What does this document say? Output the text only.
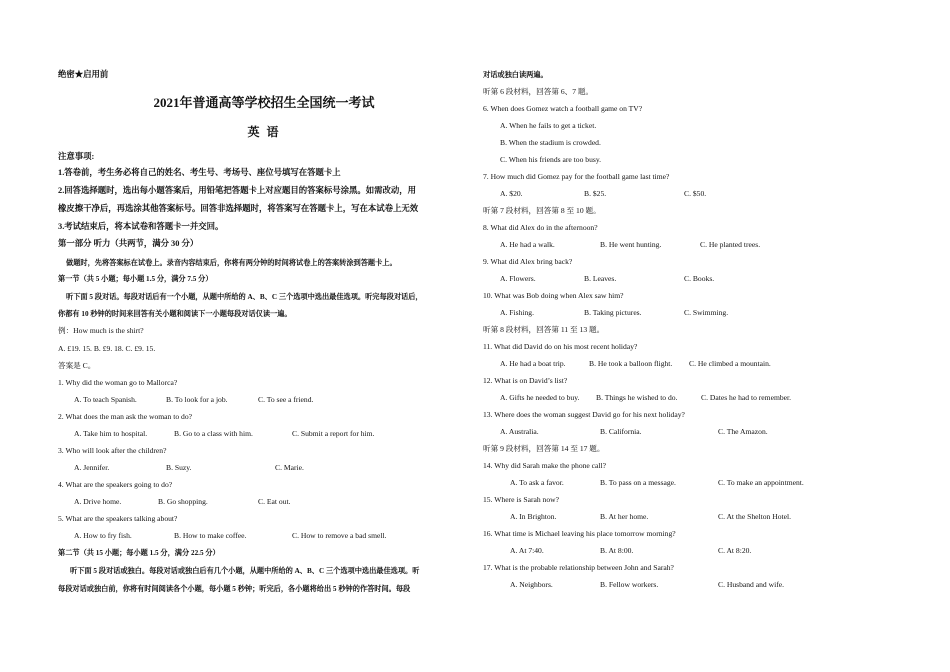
绝密★启用前
2021年普通高等学校招生全国统一考试
英 语
注意事项:
1.答卷前，考生务必将自己的姓名、考生号、考场号、座位号填写在答题卡上
2.回答选择题时，选出每小题答案后，用铅笔把答题卡上对应题目的答案标号涂黑。如需改动，用
橡皮擦干净后，再选涂其他答案标号。回答非选择题时，将答案写在答题卡上，写在本试卷上无效
3.考试结束后，将本试卷和答题卡一并交回。
第一部分 听力（共两节，满分 30 分）
做题时，先将答案标在试卷上。录音内容结束后，你将有两分钟的时间将试卷上的答案转涂到答题卡上。
第一节（共 5 小题；每小题 1.5 分，满分 7.5 分）
听下面 5 段对话。每段对话后有一个小题，从题中所给的 A、B、C 三个选项中选出最佳选项。听完每段对话后，
你都有 10 秒钟的时间来回答有关小题和阅读下一小题每段对话仅读一遍。
例：How much is the shirt?
A. £19. 15. B. £9. 18. C. £9. 15.
答案是 C。
1. Why did the woman go to Mallorca?
A. To teach Spanish.	B. To look for a job.	C. To see a friend.
2. What does the man ask the woman to do?
A. Take him to hospital.	B. Go to a class with him.	C. Submit a report for him.
3. Who will look after the children?
A. Jennifer.	B. Suzy.	C. Marie.
4. What are the speakers going to do?
A. Drive home.	B. Go shopping.	C. Eat out.
5. What are the speakers talking about?
A. How to fry fish.	B. How to make coffee.	C. How to remove a bad smell.
第二节（共 15 小题；每小题 1.5 分，满分 22.5 分）
听下面 5 段对话或独白。每段对话或独白后有几个小题，从题中所给的 A、B、C 三个选项中选出最佳选项。听
每段对话或独白前，你将有时间阅读各个小题，每小题 5 秒钟；听完后，各小题将给出 5 秒钟的作答时间。每段
对话或独白读两遍。
听第 6 段材料，回答第 6、7 题。
6. When does Gomez watch a football game on TV?
A. When he fails to get a ticket.
B. When the stadium is crowded.
C. When his friends are too busy.
7. How much did Gomez pay for the football game last time?
A. $20.	B. $25.	C. $50.
听第 7 段材料，回答第 8 至 10 题。
8. What did Alex do in the afternoon?
A. He had a walk.	B. He went hunting.	C. He planted trees.
9. What did Alex bring back?
A. Flowers.	B. Leaves.	C. Books.
10. What was Bob doing when Alex saw him?
A. Fishing.	B. Taking pictures.	C. Swimming.
听第 8 段材料，回答第 11 至 13 题。
11. What did David do on his most recent holiday?
A. He had a boat trip.	B. He took a balloon flight. C. He climbed a mountain.
12. What is on David’s list?
A. Gifts he needed to buy. B. Things he wished to do.	C. Dates he had to remember.
13. Where does the woman suggest David go for his next holiday?
A. Australia.	B. California.	C. The Amazon.
听第 9 段材料，回答第 14 至 17 题。
14. Why did Sarah make the phone call?
A. To ask a favor.	B. To pass on a message.	C. To make an appointment.
15. Where is Sarah now?
A. In Brighton.	B. At her home.	C. At the Shelton Hotel.
16. What time is Michael leaving his place tomorrow morning?
A. At 7:40.	B. At 8:00.	C. At 8:20.
17. What is the probable relationship between John and Sarah?
A. Neighbors.	B. Fellow workers.	C. Husband and wife.
